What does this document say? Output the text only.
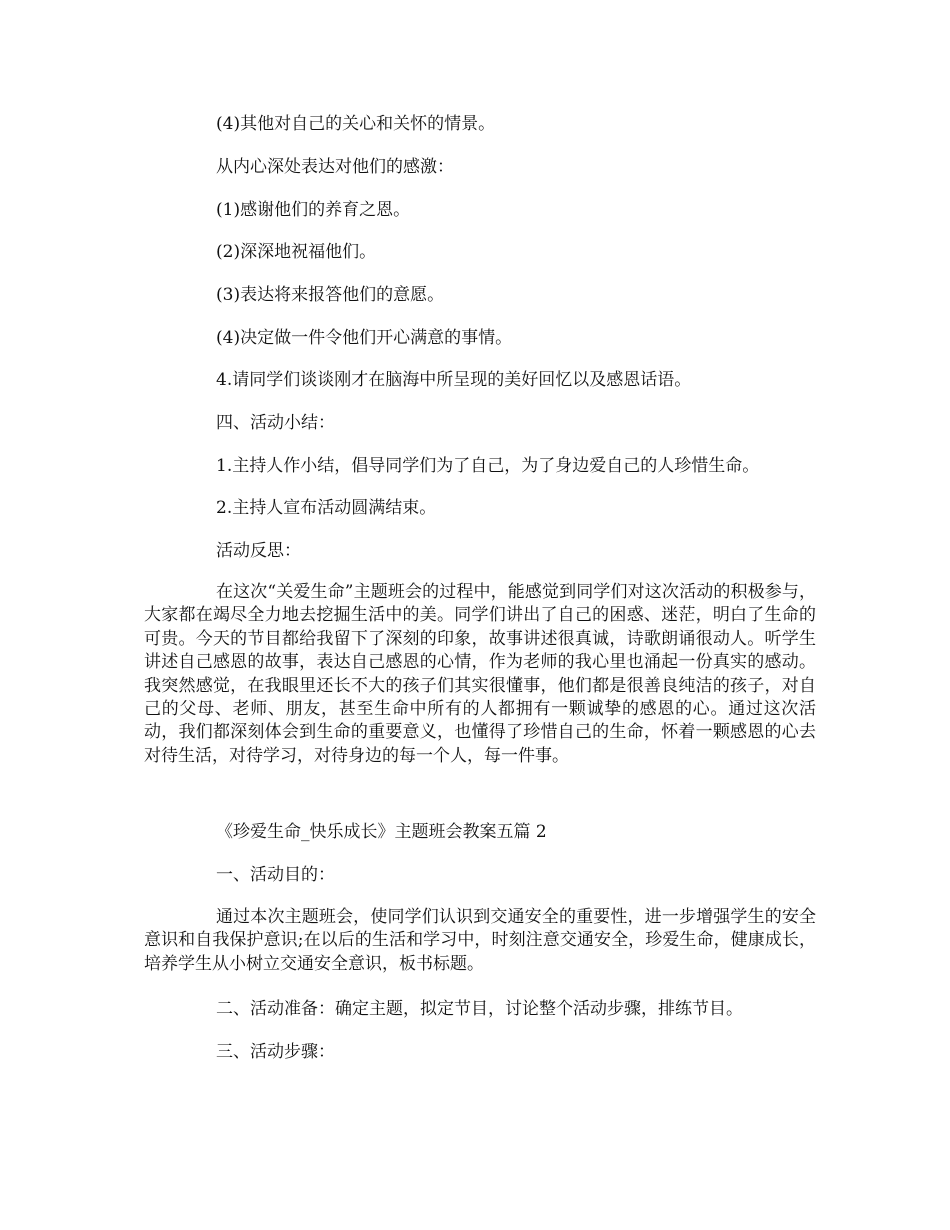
(4)其他对自己的关心和关怀的情景。
从内心深处表达对他们的感激：
(1)感谢他们的养育之恩。
(2)深深地祝福他们。
(3)表达将来报答他们的意愿。
(4)决定做一件令他们开心满意的事情。
4.请同学们谈谈刚才在脑海中所呈现的美好回忆以及感恩话语。
四、活动小结：
1.主持人作小结，倡导同学们为了自己，为了身边爱自己的人珍惜生命。
2.主持人宣布活动圆满结束。
活动反思：

在这次“关爱生命”主题班会的过程中，能感觉到同学们对这次活动的积极参与，大家都在竭尽全力地去挖掘生活中的美。同学们讲出了自己的困惑、迷茫，明白了生命的可贵。今天的节目都给我留下了深刻的印象，故事讲述很真诚，诗歌朗诵很动人。听学生讲述自己感恩的故事，表达自己感恩的心情，作为老师的我心里也涌起一份真实的感动。我突然感觉，在我眼里还长不大的孩子们其实很懂事，他们都是很善良纯洁的孩子，对自己的父母、老师、朋友，甚至生命中所有的人都拥有一颗诚挚的感恩的心。通过这次活动，我们都深刻体会到生命的重要意义，也懂得了珍惜自己的生命，怀着一颗感恩的心去对待生活，对待学习，对待身边的每一个人，每一件事。

《珍爱生命_快乐成长》主题班会教案五篇 2
一、活动目的：

通过本次主题班会，使同学们认识到交通安全的重要性，进一步增强学生的安全意识和自我保护意识;在以后的生活和学习中，时刻注意交通安全，珍爱生命，健康成长，培养学生从小树立交通安全意识，板书标题。

二、活动准备：确定主题，拟定节目，讨论整个活动步骤，排练节目。
三、活动步骤：
